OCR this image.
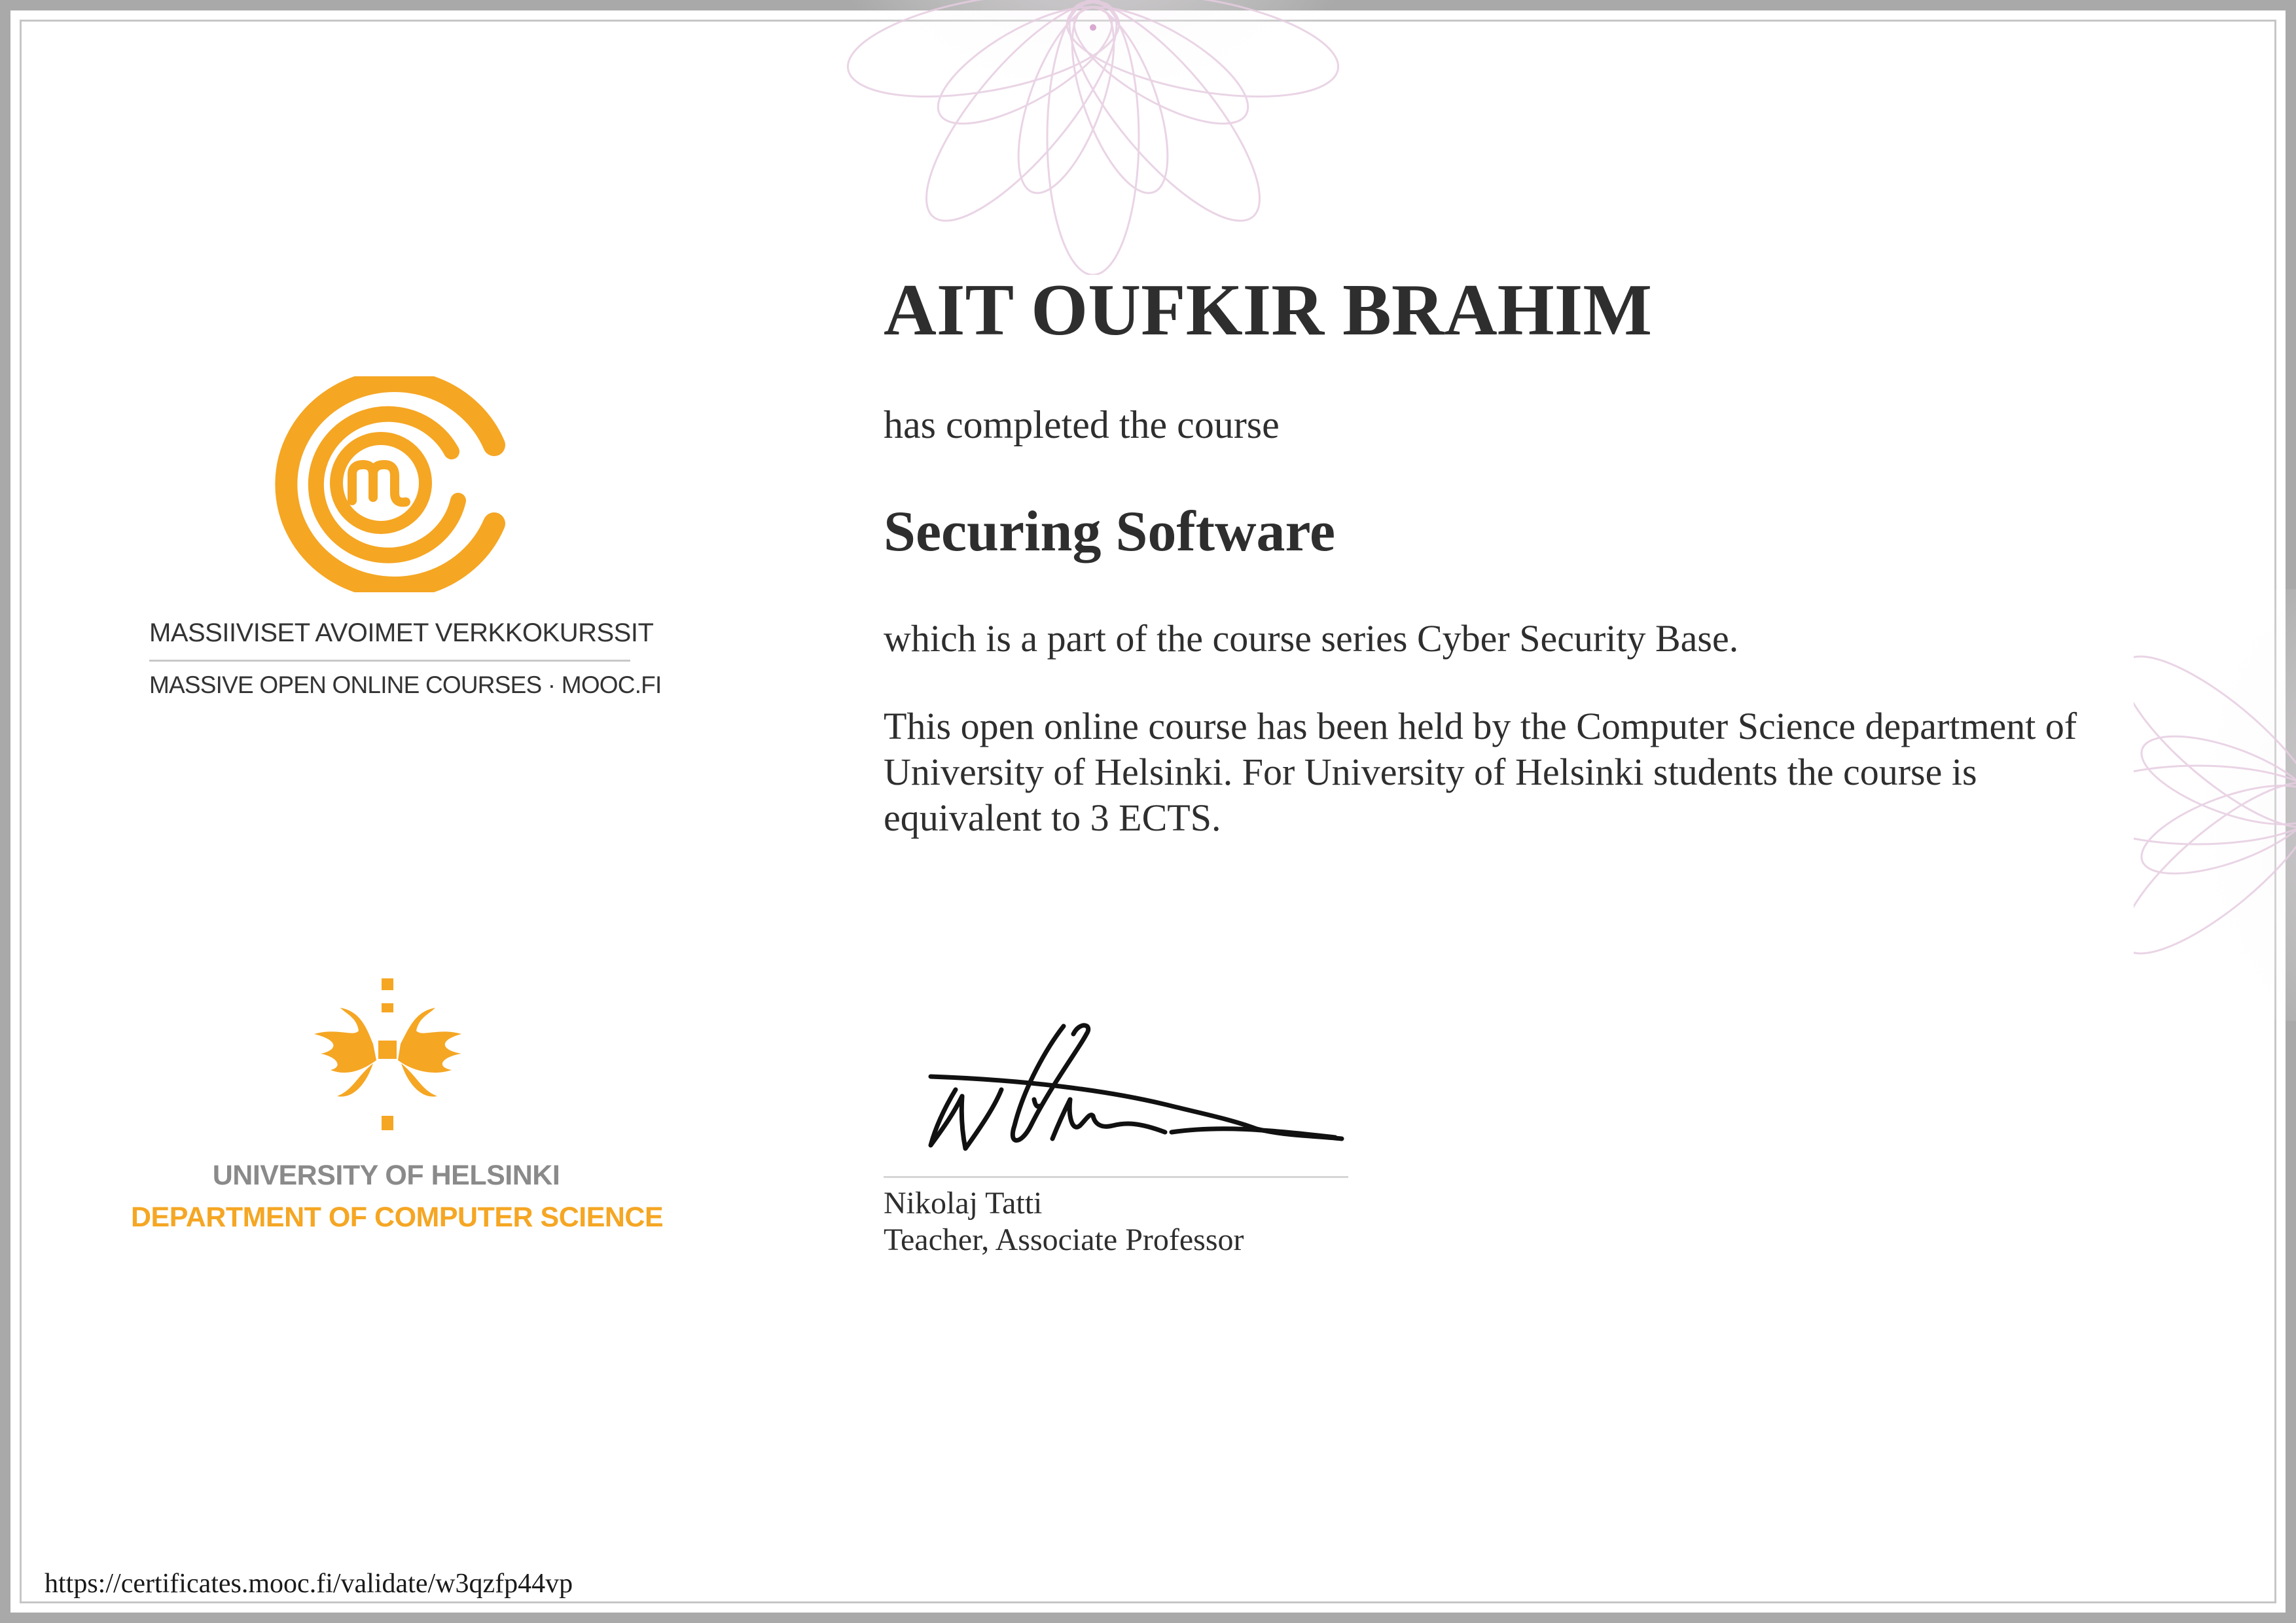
MASSIIVISET AVOIMET VERKKOKURSSIT
MASSIVE OPEN ONLINE COURSES · MOOC.FI
UNIVERSITY OF HELSINKI
DEPARTMENT OF COMPUTER SCIENCE
AIT OUFKIR BRAHIM
has completed the course
Securing Software
which is a part of the course series Cyber Security Base.
This open online course has been held by the Computer Science department of University of Helsinki. For University of Helsinki students the course is equivalent to 3 ECTS.
Nikolaj Tatti
Teacher, Associate Professor
https://certificates.mooc.fi/validate/w3qzfp44vp
